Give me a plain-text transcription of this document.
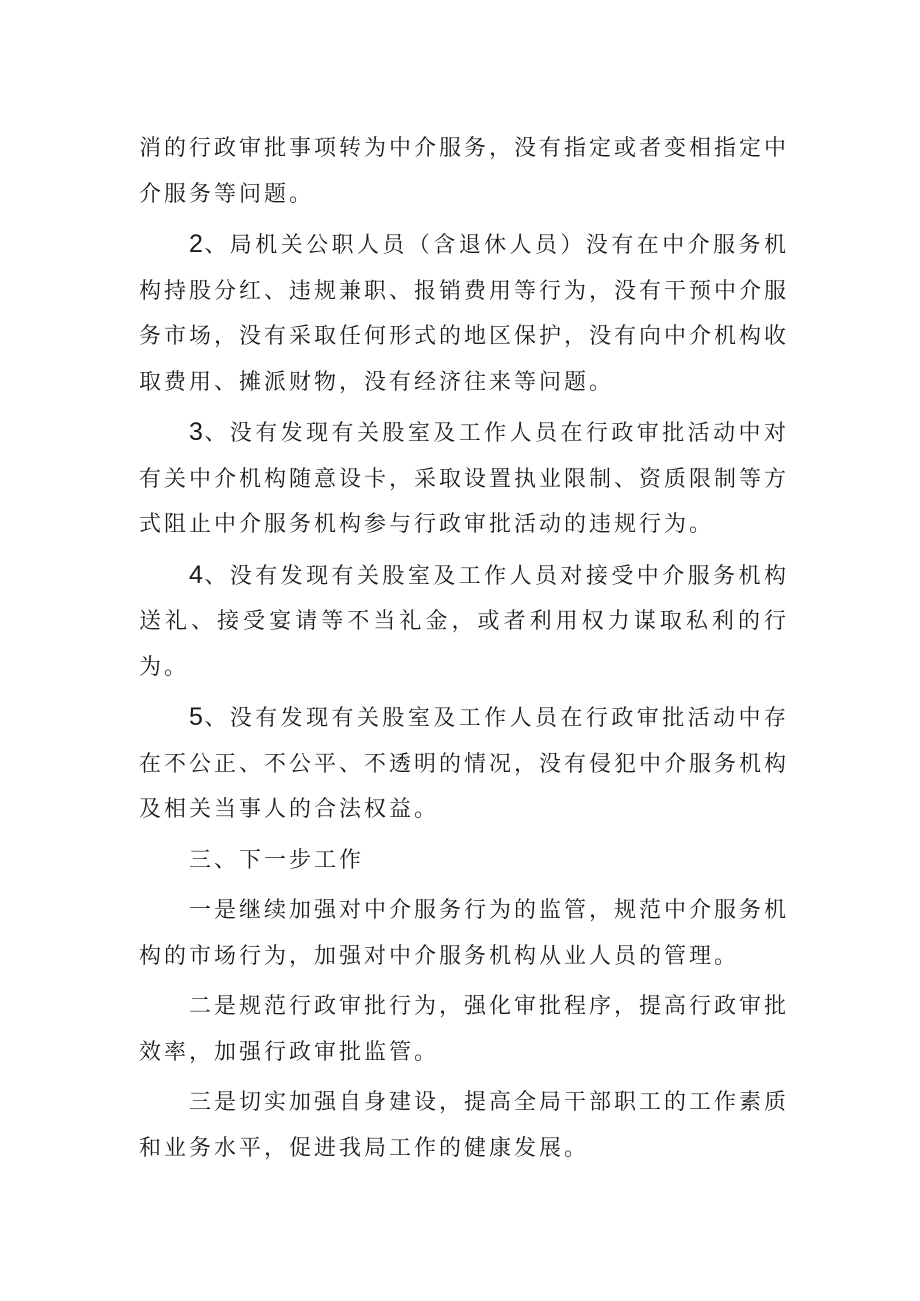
消的行政审批事项转为中介服务，没有指定或者变相指定中介服务等问题。

2、局机关公职人员（含退休人员）没有在中介服务机构持股分红、违规兼职、报销费用等行为，没有干预中介服务市场，没有采取任何形式的地区保护，没有向中介机构收取费用、摊派财物，没有经济往来等问题。

3、没有发现有关股室及工作人员在行政审批活动中对有关中介机构随意设卡，采取设置执业限制、资质限制等方式阻止中介服务机构参与行政审批活动的违规行为。

4、没有发现有关股室及工作人员对接受中介服务机构送礼、接受宴请等不当礼金，或者利用权力谋取私利的行为。

5、没有发现有关股室及工作人员在行政审批活动中存在不公正、不公平、不透明的情况，没有侵犯中介服务机构及相关当事人的合法权益。

三、下一步工作

一是继续加强对中介服务行为的监管，规范中介服务机构的市场行为，加强对中介服务机构从业人员的管理。

二是规范行政审批行为，强化审批程序，提高行政审批效率，加强行政审批监管。

三是切实加强自身建设，提高全局干部职工的工作素质和业务水平，促进我局工作的健康发展。
